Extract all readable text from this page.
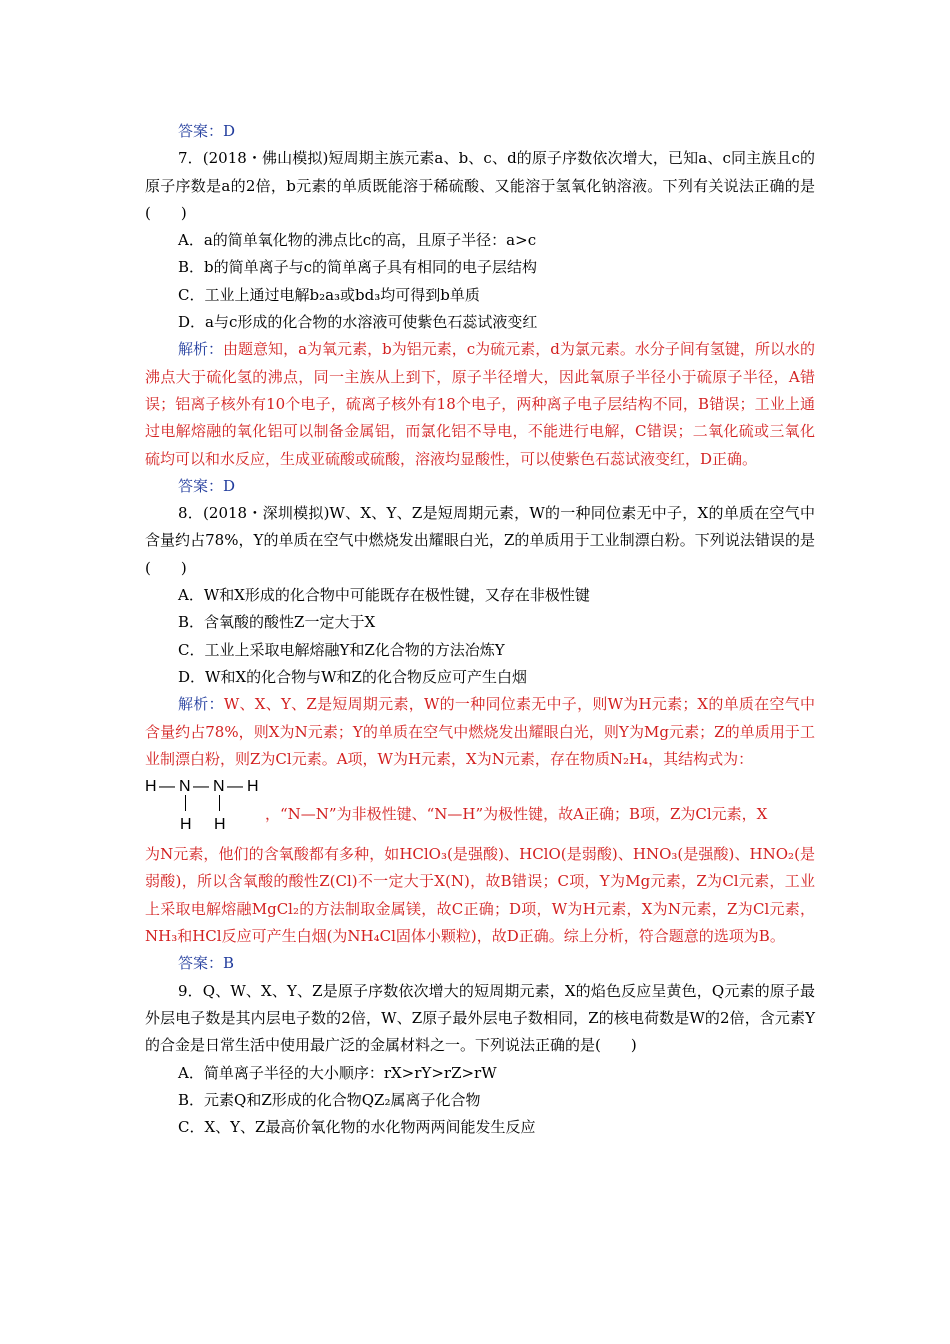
答案：D

7．(2018・佛山模拟)短周期主族元素a、b、c、d的原子序数依次增大，已知a、c同主族且c的原子序数是a的2倍，b元素的单质既能溶于稀硫酸、又能溶于氢氧化钠溶液。下列有关说法正确的是(　　)

A．a的简单氧化物的沸点比c的高，且原子半径：a>c

B．b的简单离子与c的简单离子具有相同的电子层结构

C．工业上通过电解b₂a₃或bd₃均可得到b单质

D．a与c形成的化合物的水溶液可使紫色石蕊试液变红

解析：由题意知，a为氧元素，b为铝元素，c为硫元素，d为氯元素。水分子间有氢键，所以水的沸点大于硫化氢的沸点，同一主族从上到下，原子半径增大，因此氧原子半径小于硫原子半径，A错误；铝离子核外有10个电子，硫离子核外有18个电子，两种离子电子层结构不同，B错误；工业上通过电解熔融的氧化铝可以制备金属铝，而氯化铝不导电，不能进行电解，C错误；二氧化硫或三氧化硫均可以和水反应，生成亚硫酸或硫酸，溶液均显酸性，可以使紫色石蕊试液变红，D正确。

答案：D

8．(2018・深圳模拟)W、X、Y、Z是短周期元素，W的一种同位素无中子，X的单质在空气中含量约占78%，Y的单质在空气中燃烧发出耀眼白光，Z的单质用于工业制漂白粉。下列说法错误的是(　　)

A．W和X形成的化合物中可能既存在极性键，又存在非极性键

B．含氧酸的酸性Z一定大于X

C．工业上采取电解熔融Y和Z化合物的方法冶炼Y

D．W和X的化合物与W和Z的化合物反应可产生白烟

解析：W、X、Y、Z是短周期元素，W的一种同位素无中子，则W为H元素；X的单质在空气中含量约占78%，则X为N元素；Y的单质在空气中燃烧发出耀眼白光，则Y为Mg元素；Z的单质用于工业制漂白粉，则Z为Cl元素。A项，W为H元素，X为N元素，存在物质N₂H₄，其结构式为：

H — N — N — H
H H
，“N—N”为非极性键、“N—H”为极性键，故A正确；B项，Z为Cl元素，X

为N元素，他们的含氧酸都有多种，如HClO₃(是强酸)、HClO(是弱酸)、HNO₃(是强酸)、HNO₂(是弱酸)，所以含氧酸的酸性Z(Cl)不一定大于X(N)，故B错误；C项，Y为Mg元素，Z为Cl元素，工业上采取电解熔融MgCl₂的方法制取金属镁，故C正确；D项，W为H元素，X为N元素，Z为Cl元素，NH₃和HCl反应可产生白烟(为NH₄Cl固体小颗粒)，故D正确。综上分析，符合题意的选项为B。

答案：B

9．Q、W、X、Y、Z是原子序数依次增大的短周期元素，X的焰色反应呈黄色，Q元素的原子最外层电子数是其内层电子数的2倍，W、Z原子最外层电子数相同，Z的核电荷数是W的2倍，含元素Y的合金是日常生活中使用最广泛的金属材料之一。下列说法正确的是(　　)

A．简单离子半径的大小顺序：rX>rY>rZ>rW

B．元素Q和Z形成的化合物QZ₂属离子化合物

C．X、Y、Z最高价氧化物的水化物两两间能发生反应
